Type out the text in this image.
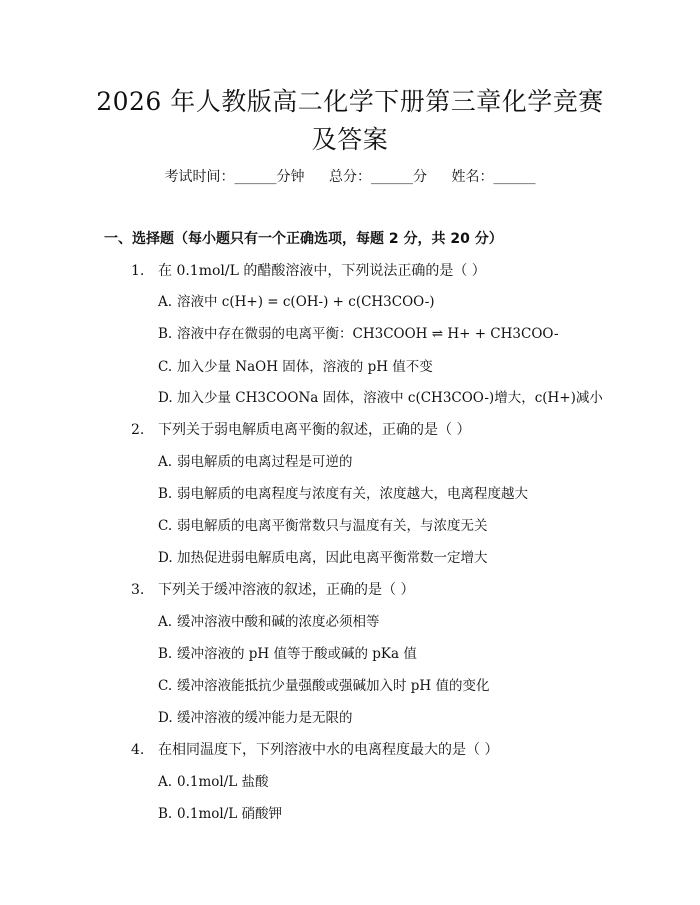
2026 年人教版高二化学下册第三章化学竞赛
及答案
考试时间：______分钟 总分：______分 姓名：______
一、选择题（每小题只有一个正确选项，每题 2 分，共 20 分）
1. 在 0.1mol/L 的醋酸溶液中，下列说法正确的是（ ）
A. 溶液中 c(H+) = c(OH-) + c(CH3COO-)
B. 溶液中存在微弱的电离平衡：CH3COOH ⇌ H+ + CH3COO-
C. 加入少量 NaOH 固体，溶液的 pH 值不变
D. 加入少量 CH3COONa 固体，溶液中 c(CH3COO-)增大，c(H+)减小
2. 下列关于弱电解质电离平衡的叙述，正确的是（ ）
A. 弱电解质的电离过程是可逆的
B. 弱电解质的电离程度与浓度有关，浓度越大，电离程度越大
C. 弱电解质的电离平衡常数只与温度有关，与浓度无关
D. 加热促进弱电解质电离，因此电离平衡常数一定增大
3. 下列关于缓冲溶液的叙述，正确的是（ ）
A. 缓冲溶液中酸和碱的浓度必须相等
B. 缓冲溶液的 pH 值等于酸或碱的 pKa 值
C. 缓冲溶液能抵抗少量强酸或强碱加入时 pH 值的变化
D. 缓冲溶液的缓冲能力是无限的
4. 在相同温度下，下列溶液中水的电离程度最大的是（ ）
A. 0.1mol/L 盐酸
B. 0.1mol/L 硝酸钾
